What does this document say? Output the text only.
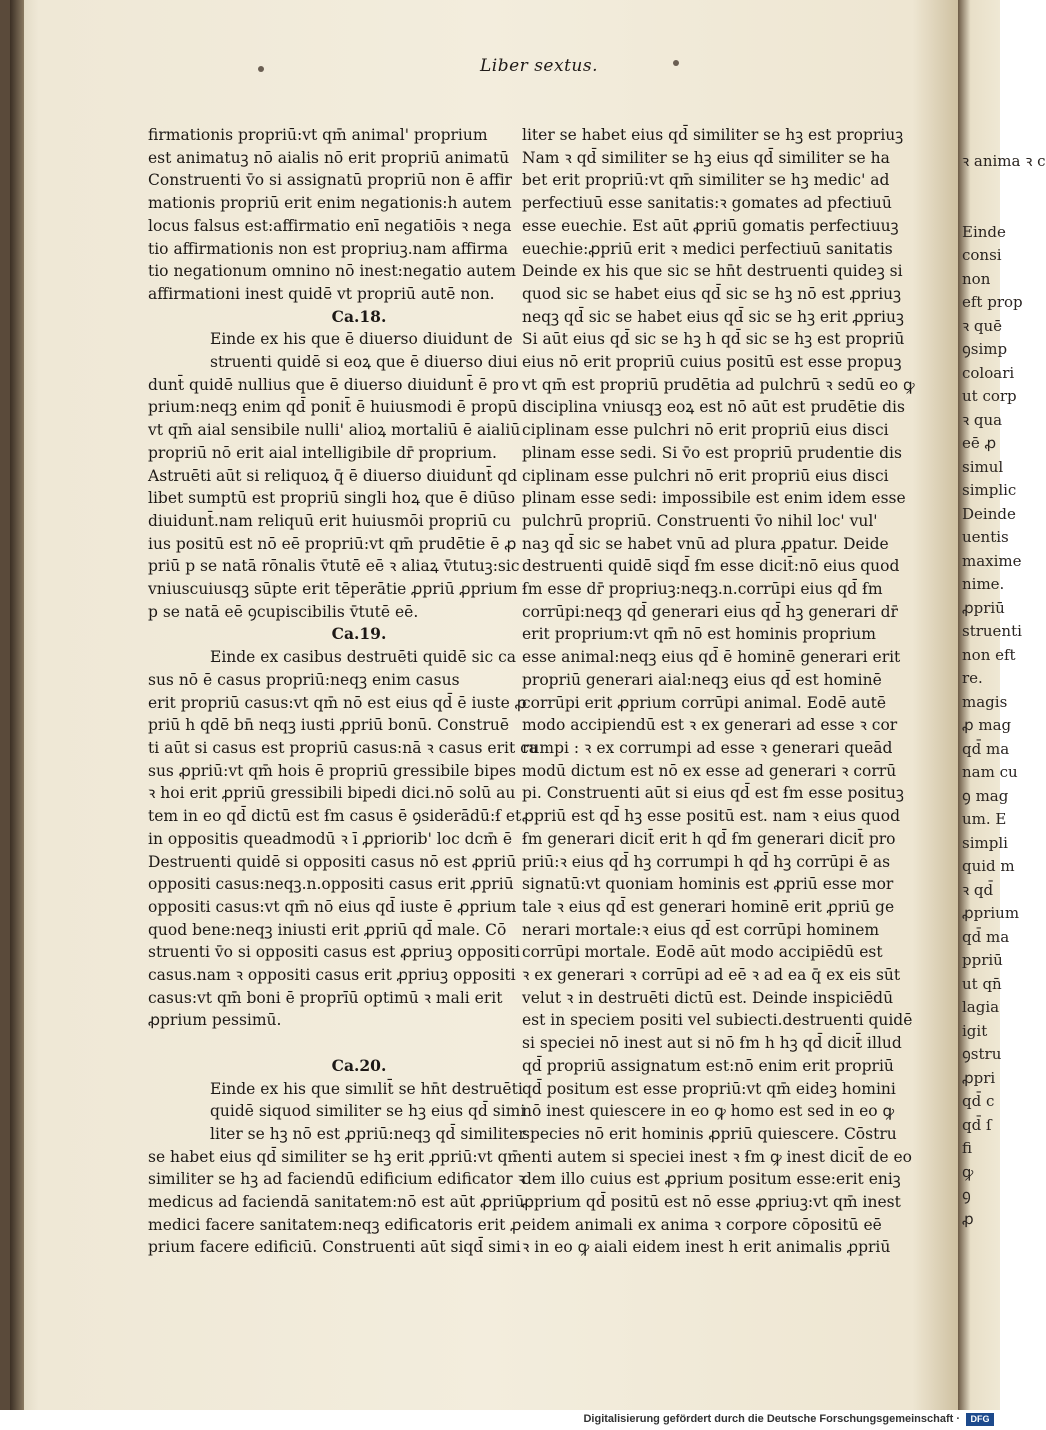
Liber sextus.

firmationis propriū:vt qm̄ animal' proprium

est animatuꝫ nō aialis nō erit propriū animatū

Construenti v̄o si assignatū propriū non ē affir

mationis propriū erit enim negationis:h autem

locus falsus est:affirmatio enī negatiōis ꝛ nega

tio affirmationis non est propriuꝫ.nam affirma

tio negationum omnino nō inest:negatio autem

affirmationi inest quidē vt propriū autē non.

Ca.18.

Einde ex his que ē diuerso diuidunt de

struenti quidē si eoꝝ que ē diuerso diui

dunt̄ quidē nullius que ē diuerso diuidunt̄ ē pro

prium:neqꝫ enim qd̄ ponit̄ ē huiusmodi ē propū

vt qm̄ aial sensibile nulli' alioꝝ mortaliū ē aialiū

propriū nō erit aial intelligibile dr̄ proprium.

Astruēti aūt si reliquoꝝ q̄ ē diuerso diuidunt̄ qd

libet sumptū est propriū singli hoꝝ que ē diūso

diuidunt̄.nam reliquū erit huiusmōi propriū cu

ius positū est nō eē propriū:vt qm̄ prudētie ē ꝓ

priū p se natā rōnalis v̄tutē eē ꝛ aliaꝝ v̄tutuꝫ:sic

vniuscuiusqꝫ sūpte erit tēperātie ꝓpriū ꝓprium

p se natā eē ꝯcupiscibilis v̄tutē eē.

Ca.19.

Einde ex casibus destruēti quidē sic ca

sus nō ē casus propriū:neqꝫ enim casus

erit propriū casus:vt qm̄ nō est eius qd̄ ē iuste ꝓ

priū h qdē bn̄ neqꝫ iusti ꝓpriū bonū. Construē

ti aūt si casus est propriū casus:nā ꝛ casus erit ca

sus ꝓpriū:vt qm̄ hois ē propriū gressibile bipes

ꝛ hoi erit ꝓpriū gressibili bipedi dici.nō solū au

tem in eo qd̄ dictū est ẜm casus ē ꝯsiderādū:ẜ et

in oppositis queadmodū ꝛ ī ꝓpriorib' loc dcm̄ ē

Destruenti quidē si oppositi casus nō est ꝓpriū

oppositi casus:neqꝫ.n.oppositi casus erit ꝓpriū

oppositi casus:vt qm̄ nō eius qd̄ iuste ē ꝓprium

quod bene:neqꝫ iniusti erit ꝓpriū qd̄ male. Cō

struenti v̄o si oppositi casus est ꝓpriuꝫ oppositi

casus.nam ꝛ oppositi casus erit ꝓpriuꝫ oppositi

casus:vt qm̄ boni ē proprīū optimū ꝛ mali erit

ꝓprium pessimū.

Ca.20.

Einde ex his que simılit̄ se hn̄t destruēti

quidē siquod similiter se hꝫ eius qd̄ simi

liter se hꝫ nō est ꝓpriū:neqꝫ qd̄ similiter

se habet eius qd̄ similiter se hꝫ erit ꝓpriū:vt qm̄

similiter se hꝫ ad faciendū edificium edificator ꝛ

medicus ad faciendā sanitatem:nō est aūt ꝓpriū

medici facere sanitatem:neqꝫ edificatoris erit ꝓ

prium facere edificiū. Construenti aūt siqd̄ simi

liter se habet eius qd̄ similiter se hꝫ est propriuꝫ

Nam ꝛ qd̄ similiter se hꝫ eius qd̄ similiter se ha

bet erit propriū:vt qm̄ similiter se hꝫ medic' ad

perfectiuū esse sanitatis:ꝛ gomates ad pfectiuū

esse euechie. Est aūt ꝓpriū gomatis perfectiuuꝫ

euechie:ꝓpriū erit ꝛ medici perfectiuū sanitatis

Deinde ex his que sic se hn̄t destruenti quideꝫ si

quod sic se habet eius qd̄ sic se hꝫ nō est ꝓpriuꝫ

neqꝫ qd̄ sic se habet eius qd̄ sic se hꝫ erit ꝓpriuꝫ

Si aūt eius qd̄ sic se hꝫ h qd̄ sic se hꝫ est propriū

eius nō erit propriū cuius positū est esse propuꝫ

vt qm̄ est propriū prudētia ad pulchrū ꝛ sedū eo ꝙ

disciplina vniusqꝫ eoꝝ est nō aūt est prudētie dis

ciplinam esse pulchri nō erit propriū eius disci

plinam esse sedi. Si v̄o est propriū prudentie dis

ciplinam esse pulchri nō erit propriū eius disci

plinam esse sedi: impossibile est enim idem esse

pulchrū propriū. Construenti v̄o nihil loc' vul'

naꝫ qd̄ sic se habet vnū ad plura ꝓpatur. Deide

destruenti quidē siqd̄ ẜm esse dicit̄:nō eius quod

ẜm esse dr̄ propriuꝫ:neqꝫ.n.corrūpi eius qd̄ ẜm

corrūpi:neqꝫ qd̄ generari eius qd̄ hꝫ generari dr̄

erit proprium:vt qm̄ nō est hominis proprium

esse animal:neqꝫ eius qd̄ ē hominē generari erit

propriū generari aial:neqꝫ eius qd̄ est hominē

corrūpi erit ꝓprium corrūpi animal. Eodē autē

modo accipiendū est ꝛ ex generari ad esse ꝛ cor

rumpi : ꝛ ex corrumpi ad esse ꝛ generari queād

modū dictum est nō ex esse ad generari ꝛ corrū

pi. Construenti aūt si eius qd̄ est ẜm esse posituꝫ

ꝓpriū est qd̄ hꝫ esse positū est. nam ꝛ eius quod

ẜm generari dicit̄ erit h qd̄ ẜm generari dicit̄ pro

priū:ꝛ eius qd̄ hꝫ corrumpi h qd̄ hꝫ corrūpi ē as

signatū:vt quoniam hominis est ꝓpriū esse mor

tale ꝛ eius qd̄ est generari hominē erit ꝓpriū ge

nerari mortale:ꝛ eius qd̄ est corrūpi hominem

corrūpi mortale. Eodē aūt modo accipiēdū est

ꝛ ex generari ꝛ corrūpi ad eē ꝛ ad ea q̄ ex eis sūt

velut ꝛ in destruēti dictū est. Deinde inspiciēdū

est in speciem positi vel subiecti.destruenti quidē

si speciei nō inest aut si nō ẜm h hꝫ qd̄ dicit̄ illud

qd̄ propriū assignatum est:nō enim erit propriū

qd̄ positum est esse propriū:vt qm̄ eideꝫ homini

nō inest quiescere in eo ꝙ homo est sed in eo ꝙ

species nō erit hominis ꝓpriū quiescere. Cōstru

enti autem si speciei inest ꝛ ẜm ꝙ inest dicit̄ de eo

dem illo cuius est ꝓprium positum esse:erit eniꝫ

ꝓprium qd̄ positū est nō esse ꝓpriuꝫ:vt qm̄ inest

eidem animali ex anima ꝛ corpore cōpositū eē

ꝛ in eo ꝙ aiali eidem inest h erit animalis ꝓpriū

ꝛ anima ꝛ c

Einde
consi
non
eft prop
ꝛ quē
ꝯsimp
coloari
ut corp
ꝛ qua
eē ꝓ
simul
simplic
Deinde
uentis
maxime
nime.
ꝓpriū
struenti
non eft
re.
magis
ꝓ mag
qd̄ ma
nam cu
ꝯ mag
um. E
simpli
quid m
ꝛ qd̄
ꝓprium
qd̄ ma
ppriū
ut qn̄
lagia
igit
ꝯstru
ꝓpri
qd̄ c
qd̄ ſ
fi
ꝙ
ꝯ
ꝓ
Digitalisierung gefördert durch die Deutsche Forschungsgemeinschaft ·	DFG
